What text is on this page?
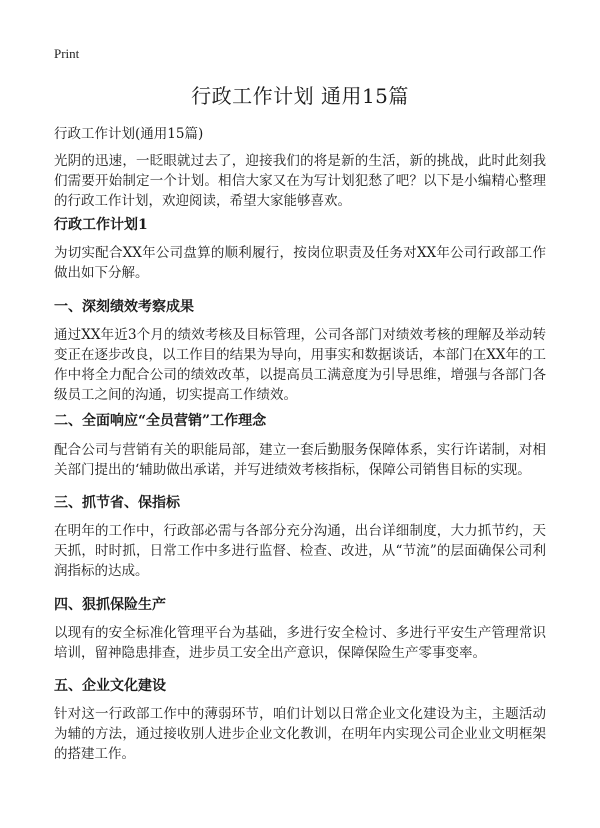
Print
行政工作计划 通用15篇
行政工作计划(通用15篇)

光阴的迅速，一眨眼就过去了，迎接我们的将是新的生活，新的挑战，此时此刻我们需要开始制定一个计划。相信大家又在为写计划犯愁了吧？以下是小编精心整理的行政工作计划，欢迎阅读，希望大家能够喜欢。

行政工作计划1

为切实配合XX年公司盘算的顺利履行，按岗位职责及任务对XX年公司行政部工作做出如下分解。

一、深刻绩效考察成果

通过XX年近3个月的绩效考核及目标管理，公司各部门对绩效考核的理解及举动转变正在逐步改良，以工作目的结果为导向，用事实和数据谈话，本部门在XX年的工作中将全力配合公司的绩效改革，以提高员工满意度为引导思维，增强与各部门各级员工之间的沟通，切实提高工作绩效。

二、全面响应“全员营销”工作理念

配合公司与营销有关的职能局部，建立一套后勤服务保障体系，实行许诺制，对相关部门提出的‘辅助做出承诺，并写进绩效考核指标，保障公司销售目标的实现。

三、抓节省、保指标

在明年的工作中，行政部必需与各部分充分沟通，出台详细制度，大力抓节约，天天抓，时时抓，日常工作中多进行监督、检查、改进，从“节流”的层面确保公司利润指标的达成。

四、狠抓保险生产

以现有的安全标准化管理平台为基础，多进行安全检讨、多进行平安生产管理常识培训，留神隐患排查，进步员工安全出产意识，保障保险生产零事变率。

五、企业文化建设

针对这一行政部工作中的薄弱环节，咱们计划以日常企业文化建设为主，主题活动为辅的方法，通过接收别人进步企业文化教训，在明年内实现公司企业业文明框架的搭建工作。
